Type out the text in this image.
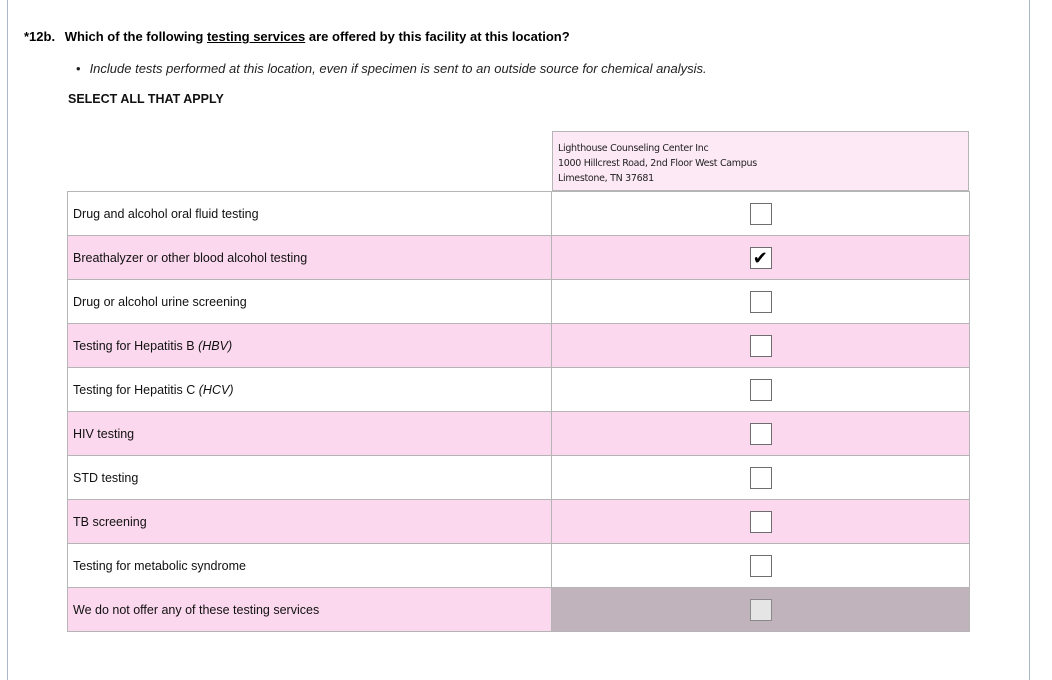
*12b. Which of the following testing services are offered by this facility at this location?
• Include tests performed at this location, even if specimen is sent to an outside source for chemical analysis.
SELECT ALL THAT APPLY
Lighthouse Counseling Center Inc
1000 Hillcrest Road, 2nd Floor West Campus
Limestone, TN 37681
Drug and alcohol oral fluid testing	

Breathalyzer or other blood alcohol testing	✔

Drug or alcohol urine screening	

Testing for Hepatitis B (HBV)	

Testing for Hepatitis C (HCV)	

HIV testing	

STD testing	

TB screening	

Testing for metabolic syndrome	

We do not offer any of these testing services	
